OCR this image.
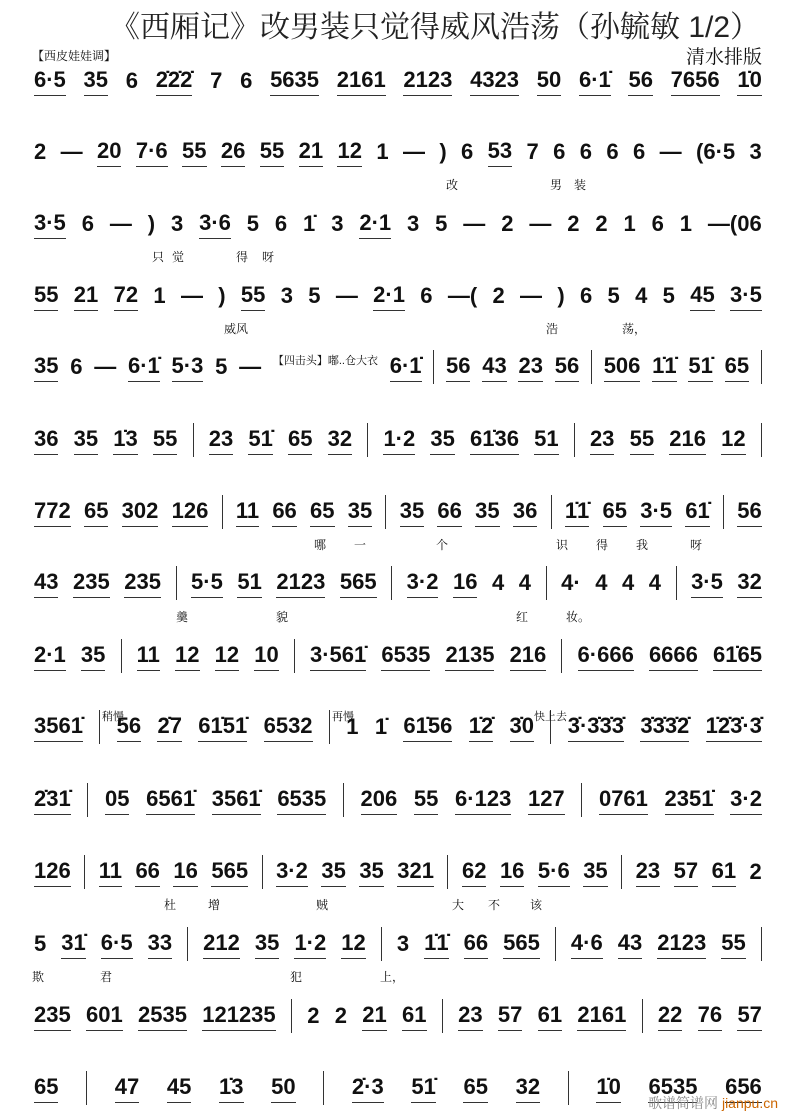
《西厢记》改男装只觉得威风浩荡（孙毓敏 1/2）
【西皮娃娃调】	清水排版
6·5 35 6 2̇2̇2̇ 7 6 5635 2161 2123 4323 50 6·1̇ 56 7656 1̇0
2 — 20 7·6 55 26 55 21 12 1 — ) 6 53 7 6 6 6 6 — (6·5 3
3·5 6 — ) 3 3·6 5 6 1̇ 3 2·1 3 5 — 2 — 2 2 1 6 1 —(06
55 21 72 1 — ) 55 3 5 — 2·1 6 —( 2 — ) 6 5 4 5 45 3·5
35 6 — 6·1̇ 5·3 5 — 【四击头】嘟..仓大衣 6·1̇ 56 43 23 56 506 1̇1̇ 51̇ 65
36 35 1̇3 55 23 51̇ 65 32 1·2 35 61̇36 51 23 55 216 12
772 65 302 126 11 66 65 35 35 66 35 36 1̇1̇ 65 3·5 61̇ 56
43 235 235 5·5 51 2123 565 3·2 16 4 4 4· 4 4 4 3·5 32
2·1 35 11 12 12 10 3·561̇ 6535 2135 216 6·666 6666 61̇65
3561̇ 56 2̇7 61̇51̇ 6532 1 1̇ 61̇56 1̇2̇ 3̇0 3̇·3̇3̇3̇ 3̇3̇3̇2̇ 1̇2̇3̇·3̇
2̇31̇ 05 6561̇ 3561̇ 6535 206 55 6·123 127 0761 2351̇ 3·2
126 11 66 16 565 3·2 35 35 321 62 16 5·6 35 23 57 61 2
5 31̇ 6·5 33 212 35 1·2 12 3 1̇1̇ 66 565 4·6 43 2123 55
235 601 2535 121235 2 2 21 61 23 57 61 2161 22 76 57
65	47 45 1̇3 50	2̇·3 51̇ 65 32	1̇0 6535 656
改	男装
只觉	得呀
威风	浩	荡，
哪 一	个	识 得 我	呀
羹	貌	红	妆。
杜	增	贼	大 不 该
欺	君	犯	上，
稍慢	再慢	快上去
歌谱简谱网 jianpu.cn
